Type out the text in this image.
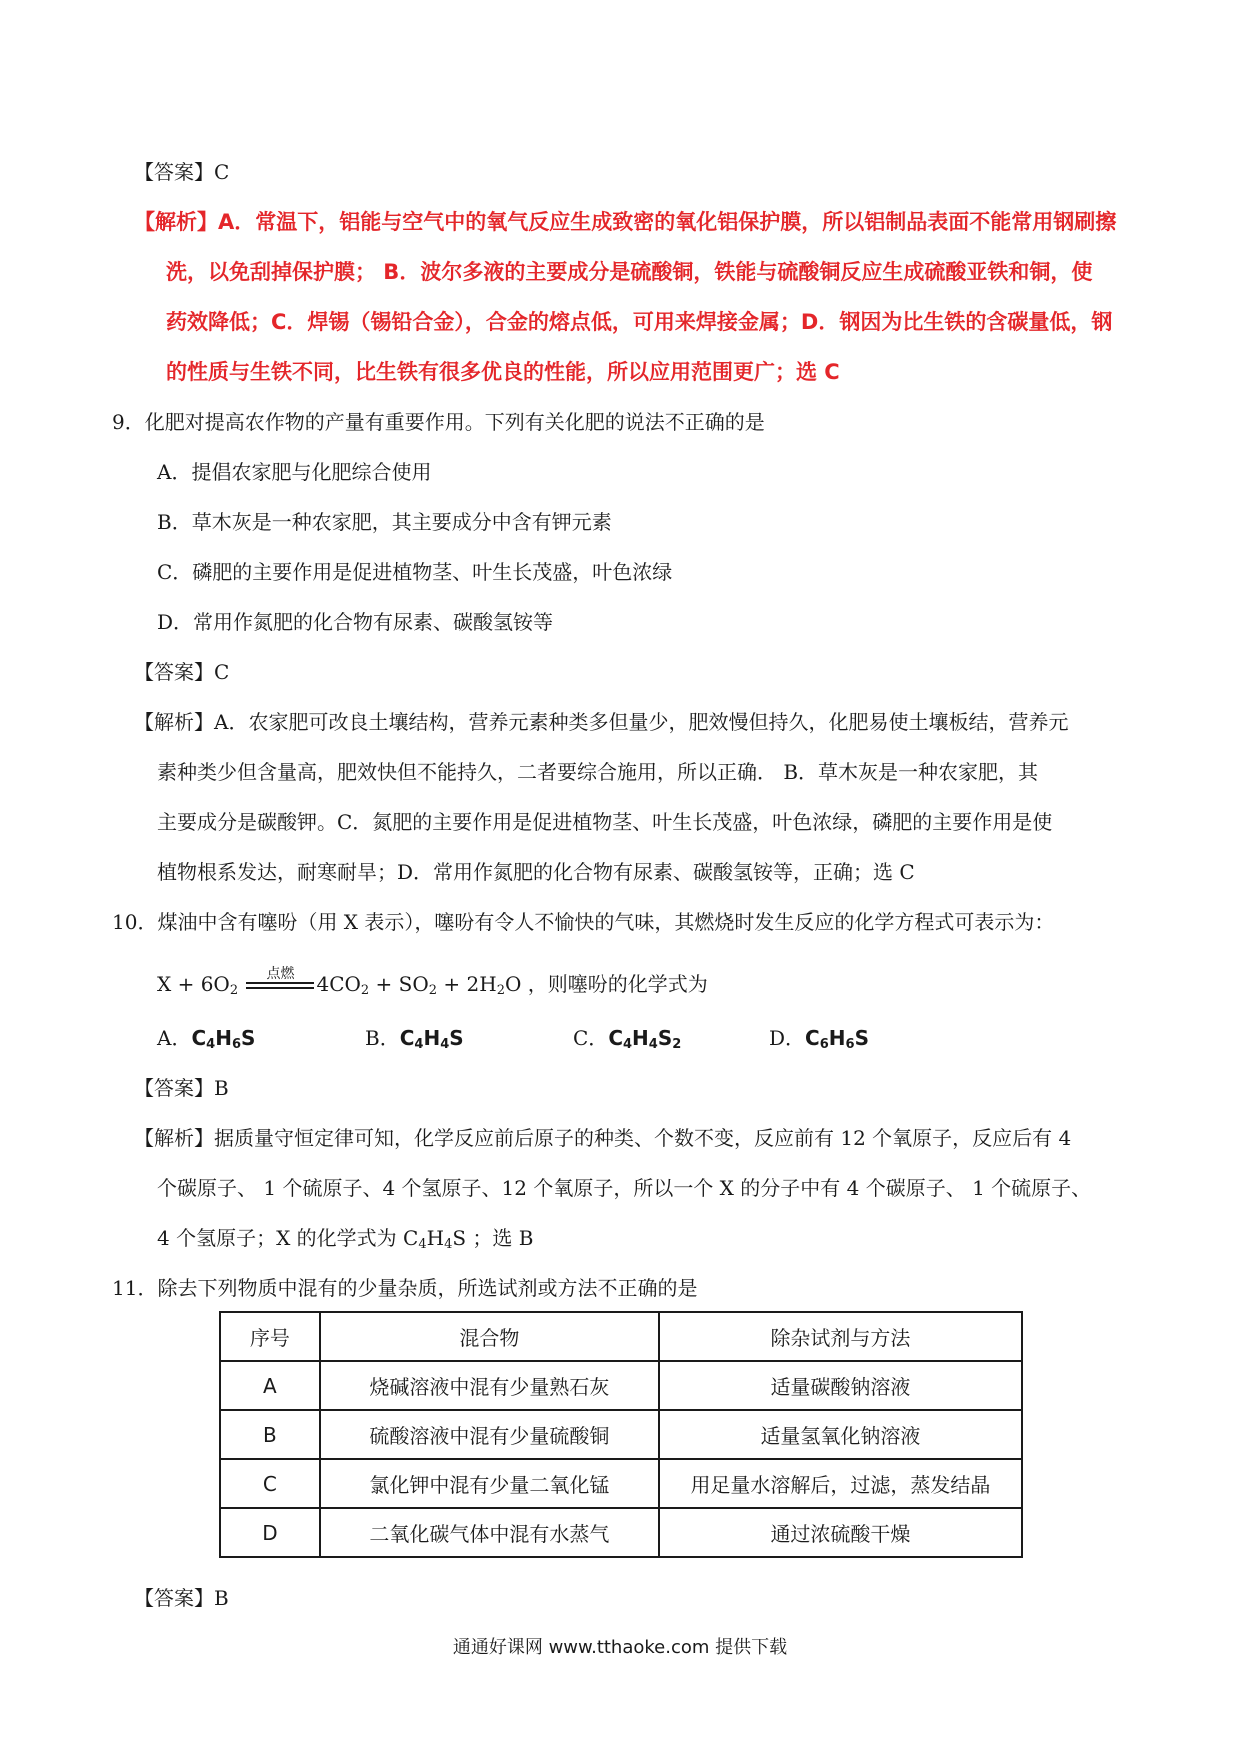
【答案】C
【解析】A．常温下，铝能与空气中的氧气反应生成致密的氧化铝保护膜，所以铝制品表面不能常用钢刷擦
洗，以免刮掉保护膜； B．波尔多液的主要成分是硫酸铜，铁能与硫酸铜反应生成硫酸亚铁和铜，使
药效降低；C．焊锡（锡铅合金），合金的熔点低，可用来焊接金属；D．钢因为比生铁的含碳量低，钢
的性质与生铁不同，比生铁有很多优良的性能，所以应用范围更广；选 C
9．化肥对提高农作物的产量有重要作用。下列有关化肥的说法不正确的是
A．提倡农家肥与化肥综合使用
B．草木灰是一种农家肥，其主要成分中含有钾元素
C．磷肥的主要作用是促进植物茎、叶生长茂盛，叶色浓绿
D．常用作氮肥的化合物有尿素、碳酸氢铵等
【答案】C
【解析】A．农家肥可改良土壤结构，营养元素种类多但量少，肥效慢但持久，化肥易使土壤板结，营养元
素种类少但含量高，肥效快但不能持久，二者要综合施用，所以正确． B．草木灰是一种农家肥，其
主要成分是碳酸钾。C．氮肥的主要作用是促进植物茎、叶生长茂盛，叶色浓绿，磷肥的主要作用是使
植物根系发达，耐寒耐旱；D．常用作氮肥的化合物有尿素、碳酸氢铵等，正确；选 C
10．煤油中含有噻吩（用 X 表示），噻吩有令人不愉快的气味，其燃烧时发生反应的化学方程式可表示为：
$X + 6O_2$
点燃	$4CO_2 + SO_2 + 2H_2O$ ，则噻吩的化学式为
A．$C_4H_6S$	B．$C_4H_4S$	C．$C_4H_4S_2$	D．$C_6H_6S$
【答案】B
【解析】据质量守恒定律可知，化学反应前后原子的种类、个数不变，反应前有 12 个氧原子，反应后有 4
个碳原子、 1 个硫原子、4 个氢原子、12 个氧原子，所以一个 X 的分子中有 4 个碳原子、 1 个硫原子、
4 个氢原子；X 的化学式为 $C_4H_4S$ ；选 B
11．除去下列物质中混有的少量杂质，所选试剂或方法不正确的是
序号	混合物	除杂试剂与方法
A	烧碱溶液中混有少量熟石灰	适量碳酸钠溶液
B	硫酸溶液中混有少量硫酸铜	适量氢氧化钠溶液
C	氯化钾中混有少量二氧化锰	用足量水溶解后，过滤，蒸发结晶
D	二氧化碳气体中混有水蒸气	通过浓硫酸干燥
【答案】B
通通好课网 www.tthaoke.com 提供下载
